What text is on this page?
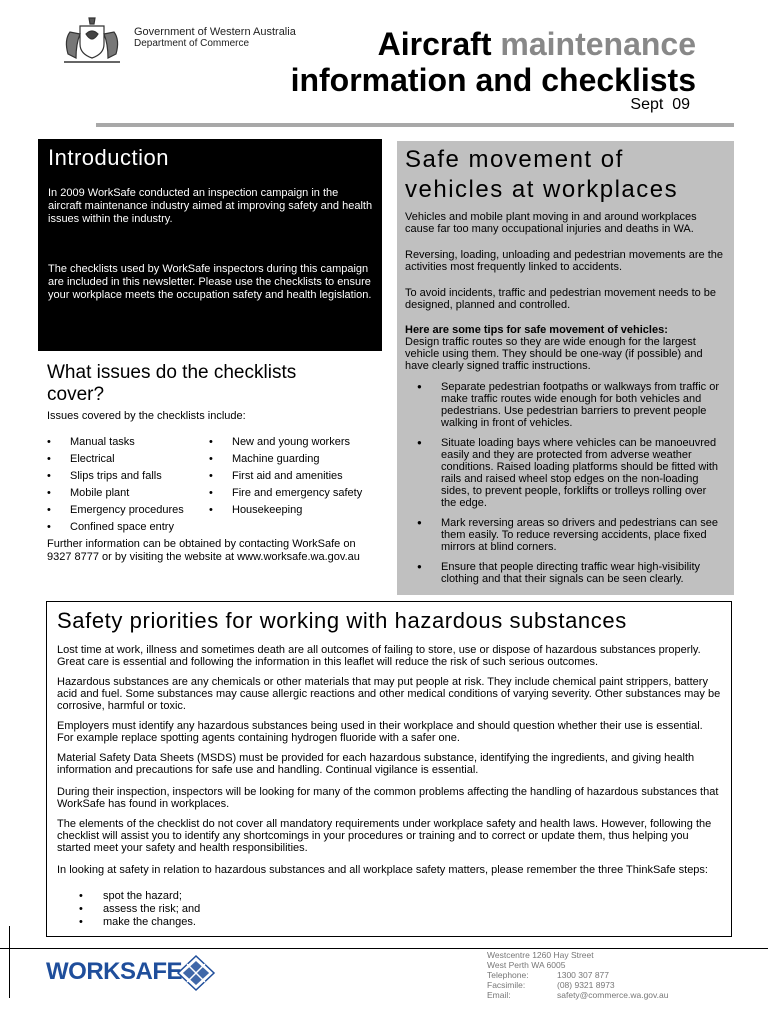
Government of Western Australia
Department of Commerce	Aircraft maintenance
information and checklists
Sept  09
Introduction

In 2009 WorkSafe conducted an inspection campaign in the aircraft maintenance industry aimed at improving safety and health issues within the industry.

The checklists used by WorkSafe inspectors during this campaign are included in this newsletter. Please use the checklists to ensure your workplace meets the occupation safety and health legislation.

What issues do the checklists cover?
Issues covered by the checklists include:
• Manual tasks
• Electrical
• Slips trips and falls
• Mobile plant
• Emergency procedures
• Confined space entry
• New and young workers
• Machine guarding
• First aid and amenities
• Fire and emergency safety
• Housekeeping
Further information can be obtained by contacting WorkSafe on 9327 8777 or by visiting the website at www.worksafe.wa.gov.au
Safe movement of vehicles at workplaces

Vehicles and mobile plant moving in and around workplaces cause far too many occupational injuries and deaths in WA.

Reversing, loading, unloading and pedestrian movements are the activities most frequently linked to accidents.

To avoid incidents, traffic and pedestrian movement needs to be designed, planned and controlled.

Here are some tips for safe movement of vehicles:

Design traffic routes so they are wide enough for the largest vehicle using them. They should be one-way (if possible) and have clearly signed traffic instructions.

● Separate pedestrian footpaths or walkways from traffic or make traffic routes wide enough for both vehicles and pedestrians. Use pedestrian barriers to prevent people walking in front of vehicles.
● Situate loading bays where vehicles can be manoeuvred easily and they are protected from adverse weather conditions. Raised loading platforms should be fitted with rails and raised wheel stop edges on the non-loading sides, to prevent people, forklifts or trolleys rolling over the edge.
● Mark reversing areas so drivers and pedestrians can see them easily. To reduce reversing accidents, place fixed mirrors at blind corners.
● Ensure that people directing traffic wear high-visibility clothing and that their signals can be seen clearly.
Safety priorities for working with hazardous substances

Lost time at work, illness and sometimes death are all outcomes of failing to store, use or dispose of hazardous substances properly. Great care is essential and following the information in this leaflet will reduce the risk of such serious outcomes.

Hazardous substances are any chemicals or other materials that may put people at risk. They include chemical paint strippers, battery acid and fuel. Some substances may cause allergic reactions and other medical conditions of varying severity. Other substances may be corrosive, harmful or toxic.

Employers must identify any hazardous substances being used in their workplace and should question whether their use is essential. For example replace spotting agents containing hydrogen fluoride with a safer one.

Material Safety Data Sheets (MSDS) must be provided for each hazardous substance, identifying the ingredients, and giving health information and precautions for safe use and handling. Continual vigilance is essential.

During their inspection, inspectors will be looking for many of the common problems affecting the handling of hazardous substances that WorkSafe has found in workplaces.

The elements of the checklist do not cover all mandatory requirements under workplace safety and health laws. However, following the checklist will assist you to identify any shortcomings in your procedures or training and to correct or update them, thus helping you started meet your safety and health responsibilities.

In looking at safety in relation to hazardous substances and all workplace safety matters, please remember the three ThinkSafe steps:

• spot the hazard;
• assess the risk; and
• make the changes.
WORKSAFE
Westcentre 1260 Hay Street
West Perth WA 6005
Telephone:	1300 307 877
Facsimile:	(08) 9321 8973
Email:	safety@commerce.wa.gov.au
